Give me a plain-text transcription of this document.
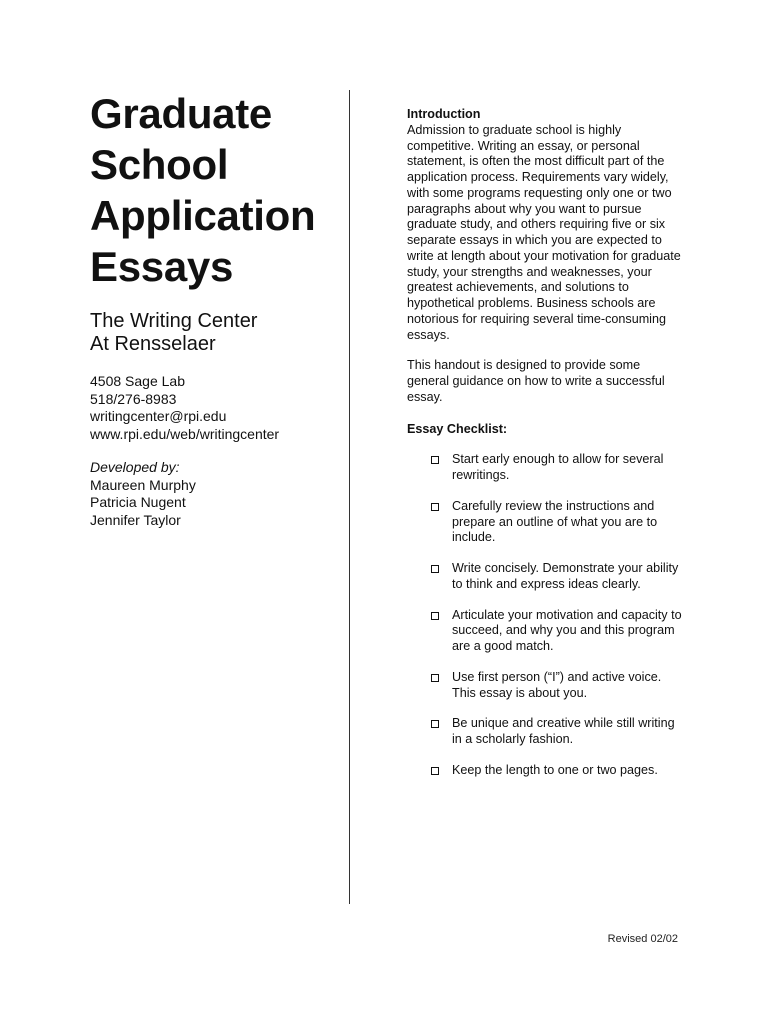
Graduate
School
Application
Essays
The Writing Center
At Rensselaer
4508 Sage Lab
518/276-8983
writingcenter@rpi.edu
www.rpi.edu/web/writingcenter
Developed by:
Maureen Murphy
Patricia Nugent
Jennifer Taylor
Introduction
Admission to graduate school is highly competitive. Writing an essay, or personal statement, is often the most difficult part of the application process. Requirements vary widely, with some programs requesting only one or two paragraphs about why you want to pursue graduate study, and others requiring five or six separate essays in which you are expected to write at length about your motivation for graduate study, your strengths and weaknesses, your greatest achievements, and solutions to hypothetical problems. Business schools are notorious for requiring several time-consuming essays.
This handout is designed to provide some general guidance on how to write a successful essay.
Essay Checklist:
Start early enough to allow for several rewritings.
Carefully review the instructions and prepare an outline of what you are to include.
Write concisely. Demonstrate your ability to think and express ideas clearly.
Articulate your motivation and capacity to succeed, and why you and this program are a good match.
Use first person (“I”) and active voice. This essay is about you.
Be unique and creative while still writing in a scholarly fashion.
Keep the length to one or two pages.
Revised 02/02
